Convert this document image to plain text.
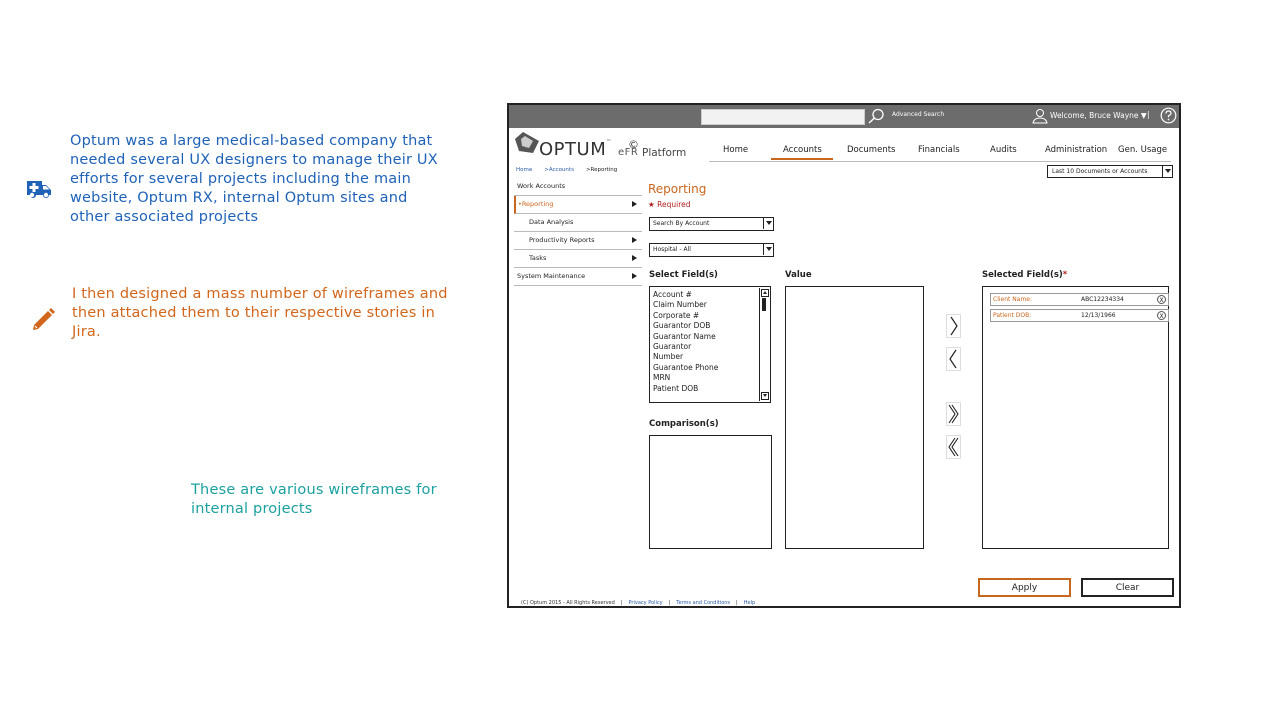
Optum was a large medical-based company that needed several UX designers to manage their UX efforts for several projects including the main website, Optum RX, internal Optum sites and other associated projects
I then designed a mass number of wireframes and then attached them to their respective stories in Jira.
These are various wireframes for internal projects
Advanced Search	Welcome, Bruce Wayne ▼ |
OPTUM™ eFR
©
Platform	Home	Accounts	Documents	Financials	Audits	Administration Gen. Usage
Home >Accounts >Reporting	Last 10 Documents or Accounts
Work Accounts
•Reporting
Data Analysis
Productivity Reports
Tasks
System Maintenance
Reporting
★ Required
Search By Account
Hospital - All
Select Field(s)
Account #
Claim Number
Corporate #
Guarantor DOB
Guarantor Name
Guarantor
Number
Guarantoe Phone
MRN
Patient DOB
Comparison(s)
Value	Selected Field(s)*
Client Name:	ABC12234334	X
Patient DOB:	12/13/1966	X
Apply	Clear
(C) Optum 2015 - All Rights Reserved | Privacy Policy | Terms and Conditions | Help
